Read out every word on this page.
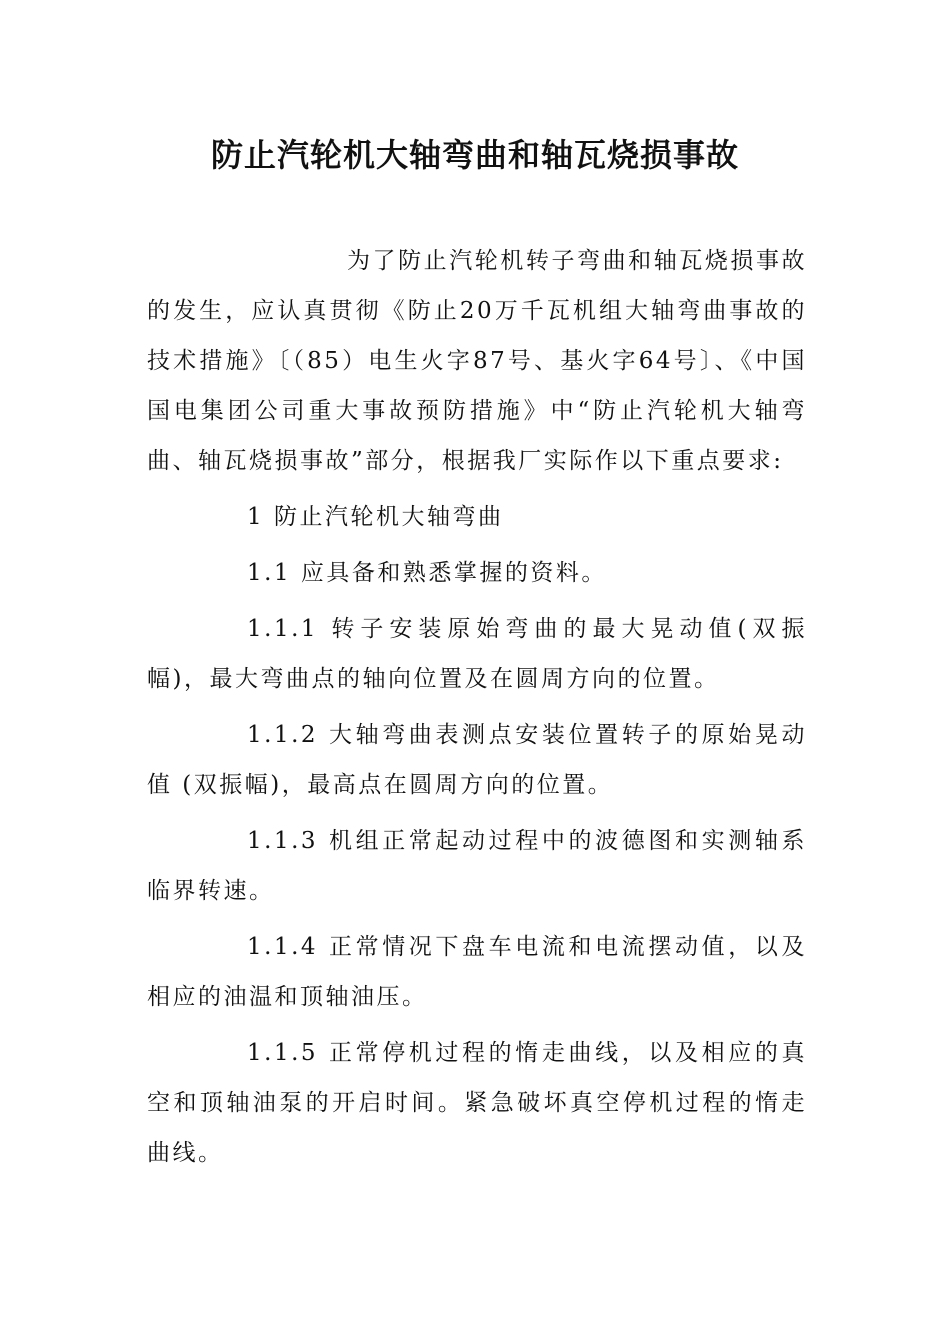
防止汽轮机大轴弯曲和轴瓦烧损事故

为了防止汽轮机转子弯曲和轴瓦烧损事故的发生，应认真贯彻《防止20万千瓦机组大轴弯曲事故的技术措施》〔（85）电生火字87号、基火字64号〕、《中国国电集团公司重大事故预防措施》中“防止汽轮机大轴弯曲、轴瓦烧损事故”部分，根据我厂实际作以下重点要求:

1 防止汽轮机大轴弯曲

1.1 应具备和熟悉掌握的资料。

1.1.1 转子安装原始弯曲的最大晃动值(双振幅)，最大弯曲点的轴向位置及在圆周方向的位置。

1.1.2 大轴弯曲表测点安装位置转子的原始晃动值 (双振幅)，最高点在圆周方向的位置。

1.1.3 机组正常起动过程中的波德图和实测轴系临界转速。

1.1.4 正常情况下盘车电流和电流摆动值，以及相应的油温和顶轴油压。

1.1.5 正常停机过程的惰走曲线，以及相应的真空和顶轴油泵的开启时间。紧急破坏真空停机过程的惰走曲线。
